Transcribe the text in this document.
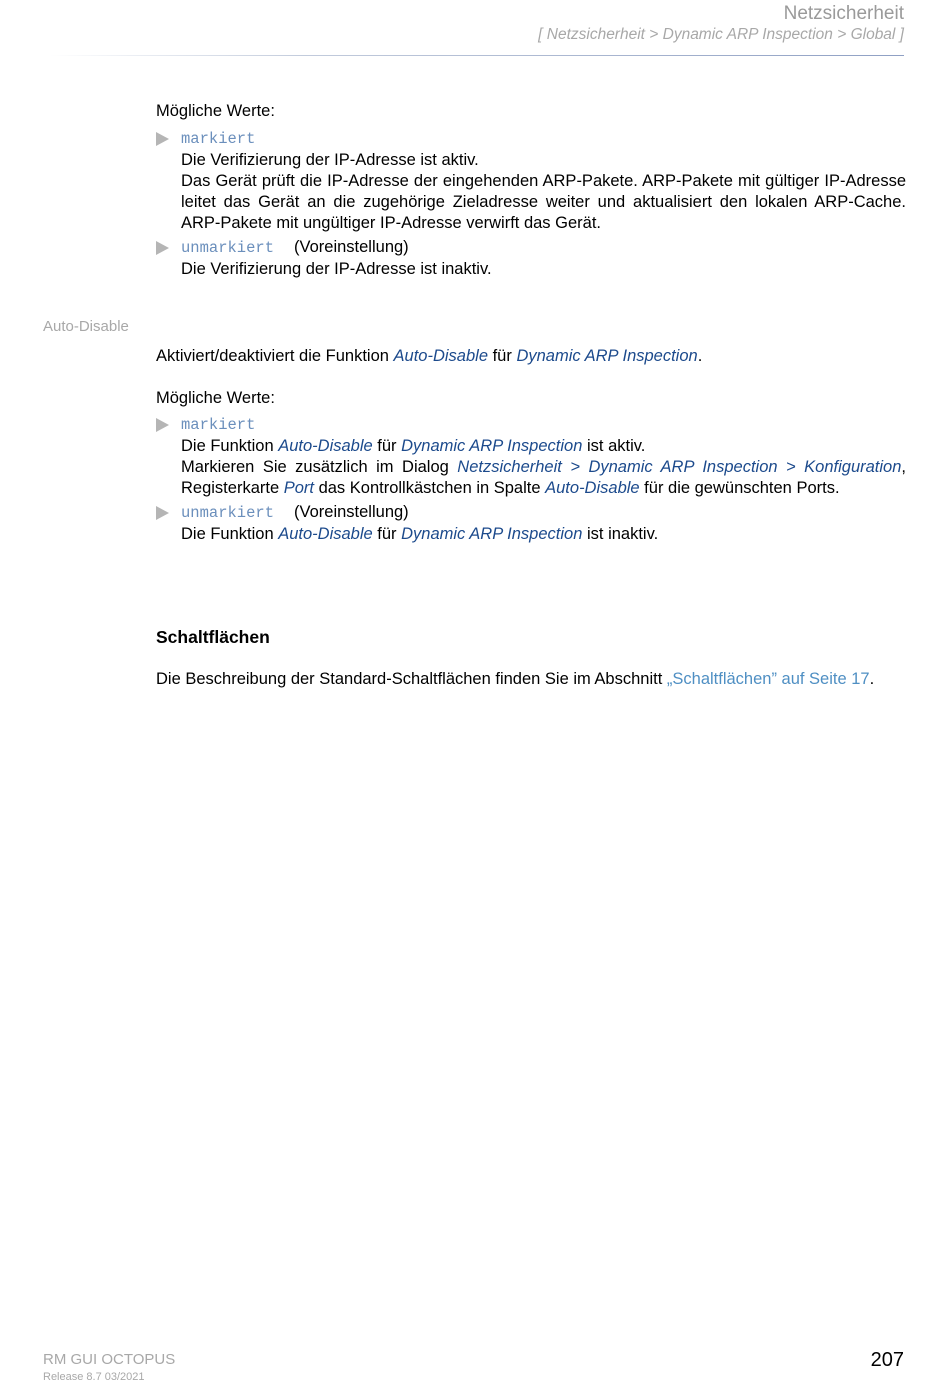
Netzsicherheit
[ Netzsicherheit > Dynamic ARP Inspection > Global ]
Mögliche Werte:
markiert
Die Verifizierung der IP-Adresse ist aktiv.
Das Gerät prüft die IP-Adresse der eingehenden ARP-Pakete. ARP-Pakete mit gültiger IP-Adresse leitet das Gerät an die zugehörige Zieladresse weiter und aktualisiert den lokalen ARP-Cache. ARP-Pakete mit ungültiger IP-Adresse verwirft das Gerät.
unmarkiert (Voreinstellung)
Die Verifizierung der IP-Adresse ist inaktiv.
Auto-Disable
Aktiviert/deaktiviert die Funktion Auto-Disable für Dynamic ARP Inspection.
Mögliche Werte:
markiert
Die Funktion Auto-Disable für Dynamic ARP Inspection ist aktiv.
Markieren Sie zusätzlich im Dialog Netzsicherheit > Dynamic ARP Inspection > Konfiguration, Registerkarte Port das Kontrollkästchen in Spalte Auto-Disable für die gewünschten Ports.
unmarkiert (Voreinstellung)
Die Funktion Auto-Disable für Dynamic ARP Inspection ist inaktiv.
Schaltflächen
Die Beschreibung der Standard-Schaltflächen finden Sie im Abschnitt „Schaltflächen” auf Seite 17.
RM GUI OCTOPUS
Release 8.7 03/2021
207
